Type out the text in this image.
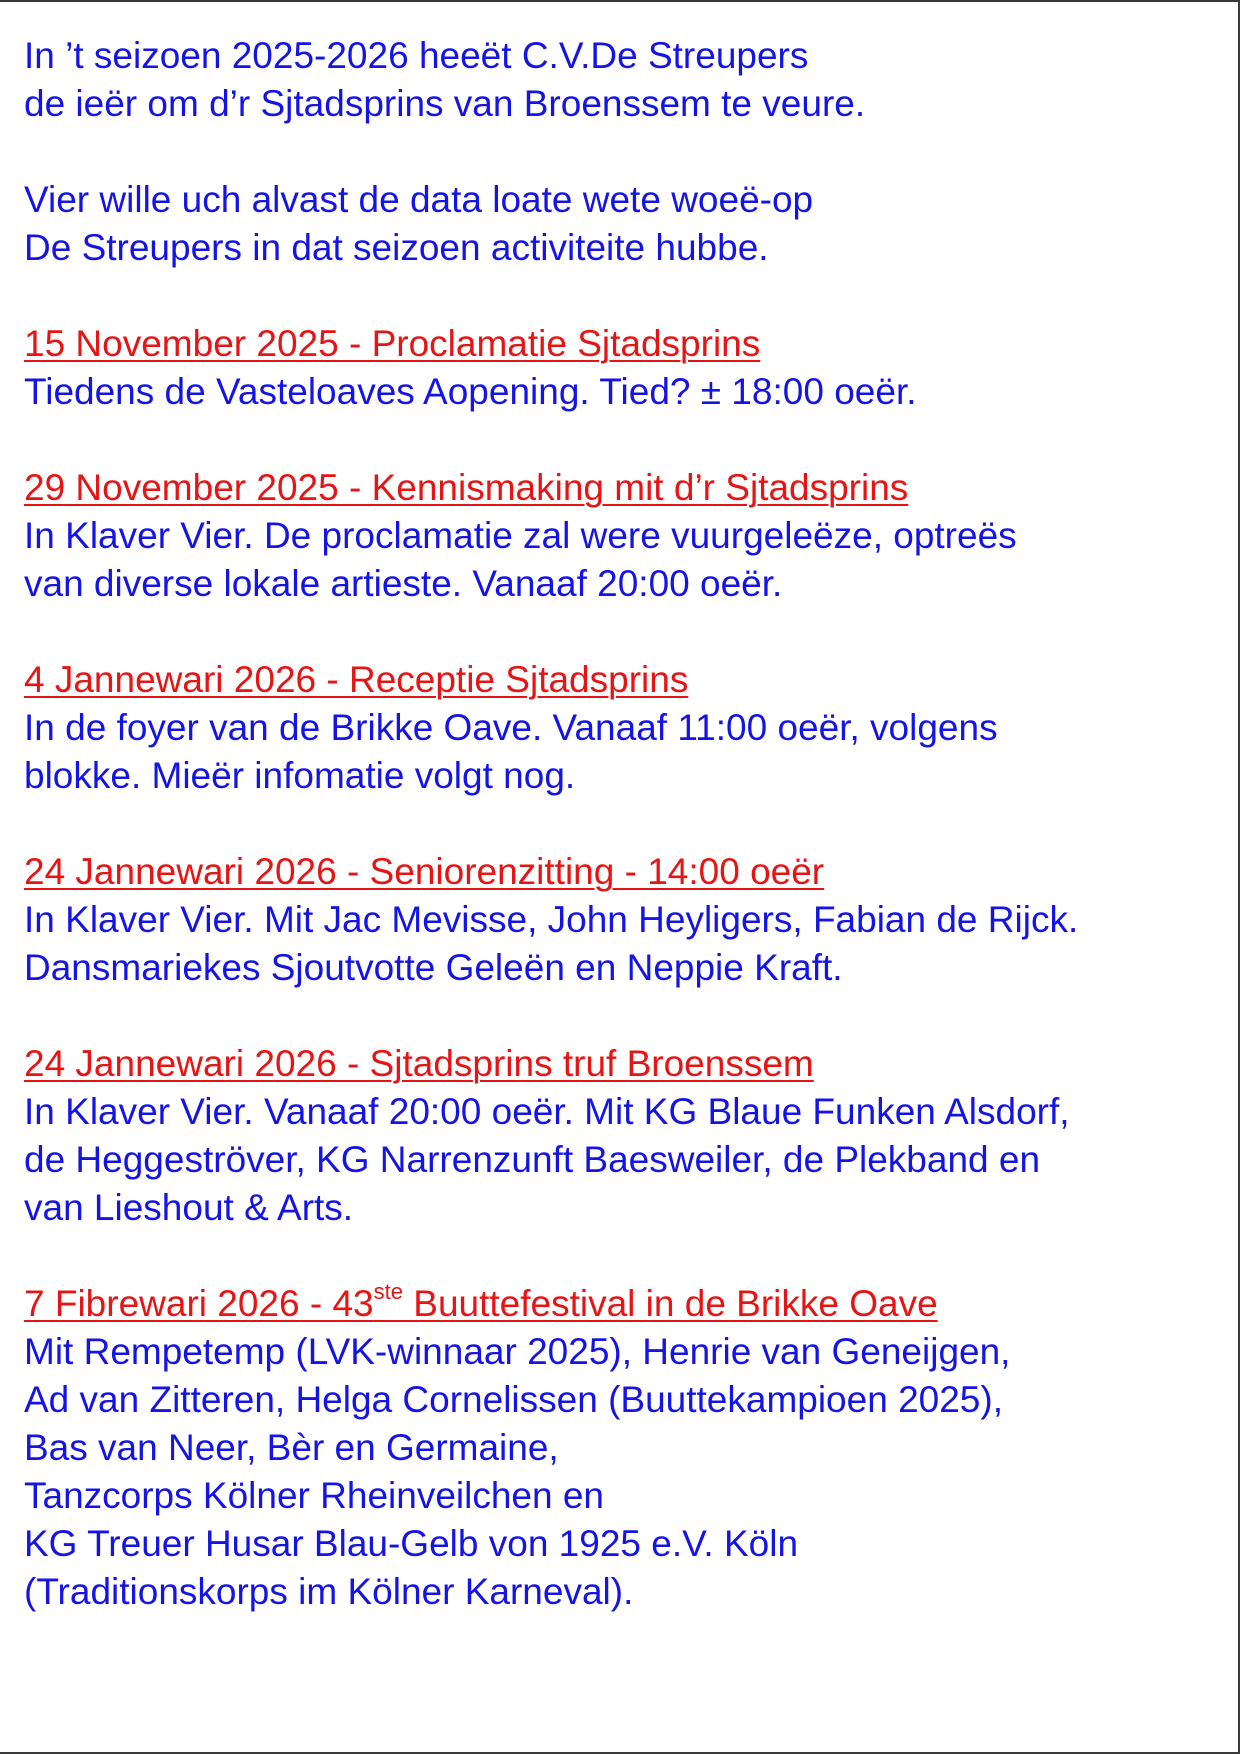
In ’t seizoen 2025-2026 heeët C.V.De Streupers
de ieër om d’r Sjtadsprins van Broenssem te veure.
Vier wille uch alvast de data loate wete woeë-op
De Streupers in dat seizoen activiteite hubbe.
15 November 2025 - Proclamatie Sjtadsprins
Tiedens de Vasteloaves Aopening. Tied? ± 18:00 oeër.
29 November 2025 - Kennismaking mit d’r Sjtadsprins
In Klaver Vier. De proclamatie zal were vuurgeleëze, optreës
van diverse lokale artieste. Vanaaf 20:00 oeër.
4 Jannewari 2026 - Receptie Sjtadsprins
In de foyer van de Brikke Oave. Vanaaf 11:00 oeër, volgens
blokke. Mieër infomatie volgt nog.
24 Jannewari 2026 - Seniorenzitting - 14:00 oeër
In Klaver Vier. Mit Jac Mevisse, John Heyligers, Fabian de Rijck.
Dansmariekes Sjoutvotte Geleën en Neppie Kraft.
24 Jannewari 2026 - Sjtadsprins truf Broenssem
In Klaver Vier. Vanaaf 20:00 oeër. Mit KG Blaue Funken Alsdorf,
de Heggeströver, KG Narrenzunft Baesweiler, de Plekband en
van Lieshout & Arts.
7 Fibrewari 2026 - 43ste Buuttefestival in de Brikke Oave
Mit Rempetemp (LVK-winnaar 2025), Henrie van Geneijgen,
Ad van Zitteren, Helga Cornelissen (Buuttekampioen 2025),
Bas van Neer, Bèr en Germaine,
Tanzcorps Kölner Rheinveilchen en
KG Treuer Husar Blau-Gelb von 1925 e.V. Köln
(Traditionskorps im Kölner Karneval).
